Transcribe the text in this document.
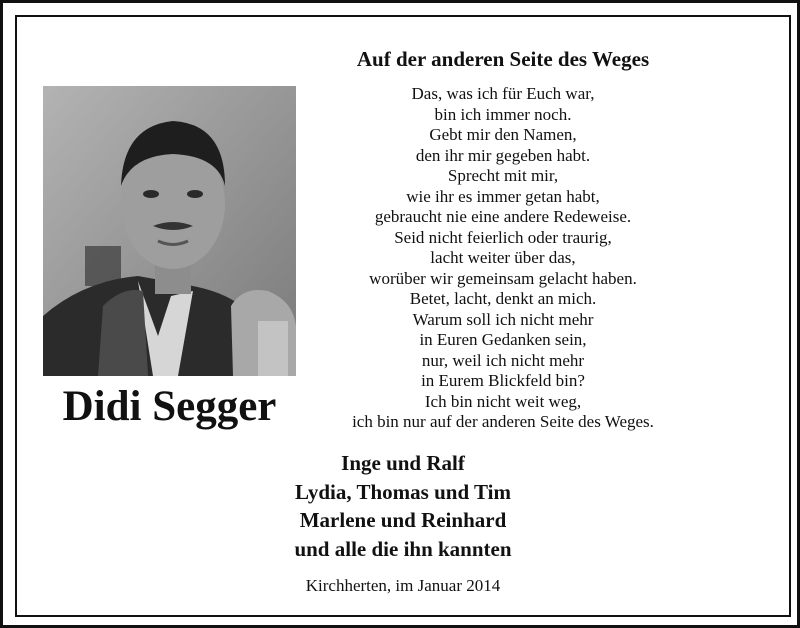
Didi Segger
Auf der anderen Seite des Weges
Das, was ich für Euch war,
bin ich immer noch.
Gebt mir den Namen,
den ihr mir gegeben habt.
Sprecht mit mir,
wie ihr es immer getan habt,
gebraucht nie eine andere Redeweise.
Seid nicht feierlich oder traurig,
lacht weiter über das,
worüber wir gemeinsam gelacht haben.
Betet, lacht, denkt an mich.
Warum soll ich nicht mehr
in Euren Gedanken sein,
nur, weil ich nicht mehr
in Eurem Blickfeld bin?
Ich bin nicht weit weg,
ich bin nur auf der anderen Seite des Weges.
Inge und Ralf
Lydia, Thomas und Tim
Marlene und Reinhard
und alle die ihn kannten
Kirchherten, im Januar 2014
